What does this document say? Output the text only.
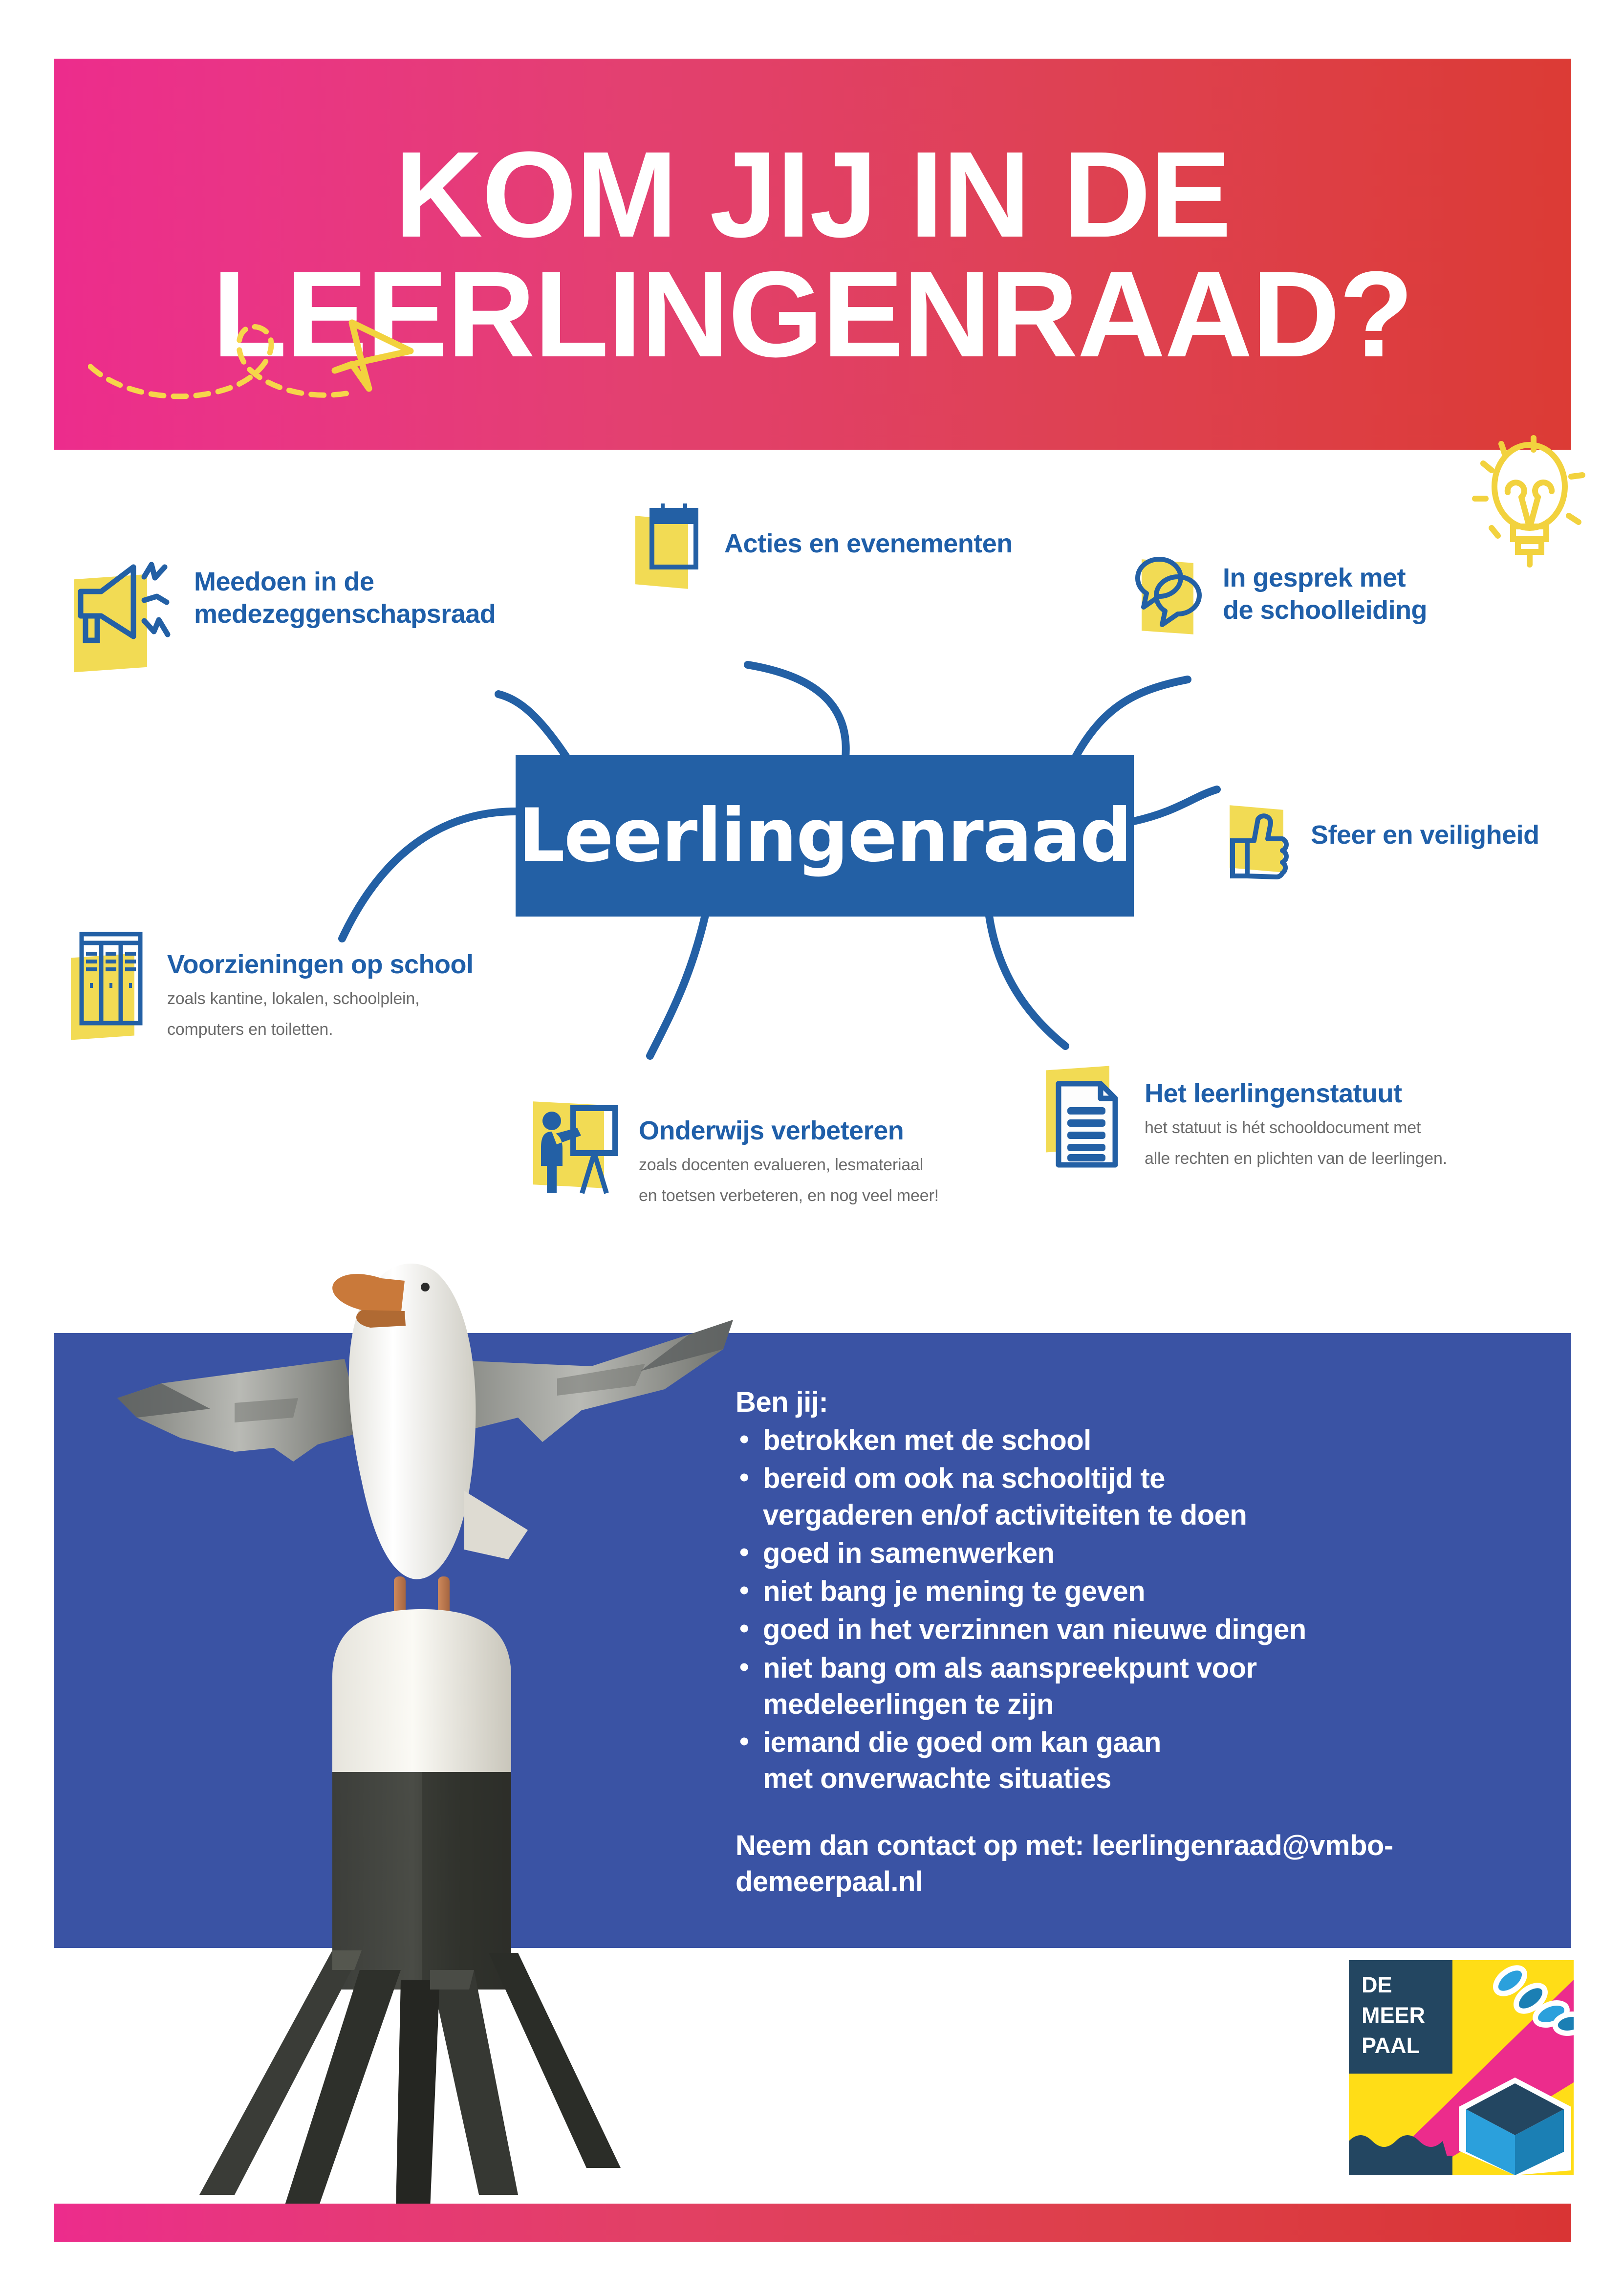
KOM JIJ IN DE
LEERLINGENRAAD?
Leerlingenraad
Meedoen in de
medezeggenschapsraad
Acties en evenementen
In gesprek met
de schoolleiding
Sfeer en veiligheid
Voorzieningen op school
zoals kantine, lokalen, schoolplein,
computers en toiletten.
Onderwijs verbeteren
zoals docenten evalueren, lesmateriaal
en toetsen verbeteren, en nog veel meer!
Het leerlingenstatuut
het statuut is hét schooldocument met
alle rechten en plichten van de leerlingen.
Ben jij:
• betrokken met de school
• bereid om ook na schooltijd te
vergaderen en/of activiteiten te doen
• goed in samenwerken
• niet bang je mening te geven
• goed in het verzinnen van nieuwe dingen
• niet bang om als aanspreekpunt voor
medeleerlingen te zijn
• iemand die goed om kan gaan
met onverwachte situaties
Neem dan contact op met: leerlingenraad@vmbo-demeerpaal.nl
DE
MEER
PAAL
